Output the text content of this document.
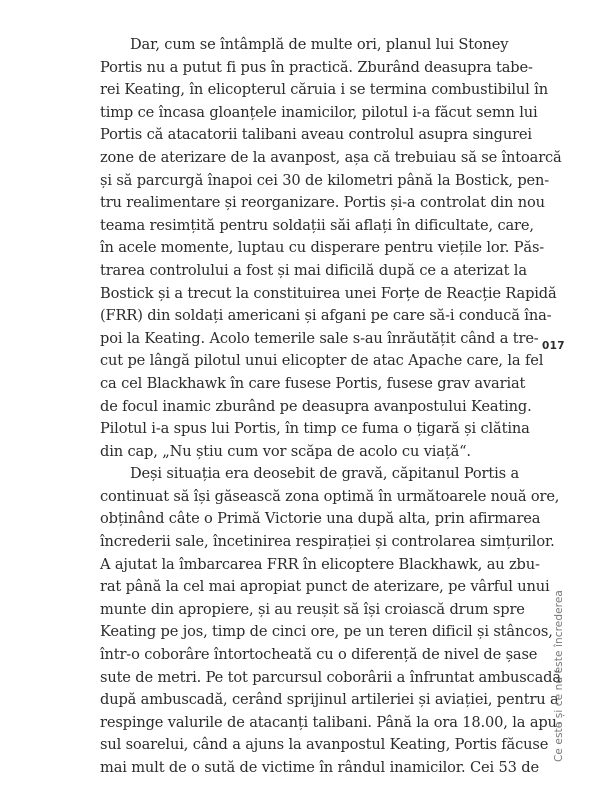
Dar, cum se întâmplă de multe ori, planul lui Stoney
Portis nu a putut fi pus în practică. Zburând deasupra tabe-
rei Keating, în elicopterul căruia i se termina combustibilul în
timp ce încasa gloanțele inamicilor, pilotul i-a făcut semn lui
Portis că atacatorii talibani aveau controlul asupra singurei
zone de aterizare de la avanpost, așa că trebuiau să se întoarcă
și să parcurgă înapoi cei 30 de kilometri până la Bostick, pen-
tru realimentare și reorganizare. Portis și-a controlat din nou
teama resimțită pentru soldații săi aflați în dificultate, care,
în acele momente, luptau cu disperare pentru viețile lor. Păs-
trarea controlului a fost și mai dificilă după ce a aterizat la
Bostick și a trecut la constituirea unei Forțe de Reacție Rapidă
(FRR) din soldați americani și afgani pe care să-i conducă îna-
poi la Keating. Acolo temerile sale s-au înrăutățit când a tre-
cut pe lângă pilotul unui elicopter de atac Apache care, la fel
ca cel Blackhawk în care fusese Portis, fusese grav avariat
de focul inamic zburând pe deasupra avanpostului Keating.
Pilotul i-a spus lui Portis, în timp ce fuma o țigară și clătina
din cap, „Nu știu cum vor scăpa de acolo cu viață“.
Deși situația era deosebit de gravă, căpitanul Portis a
continuat să își găsească zona optimă în următoarele nouă ore,
obținând câte o Primă Victorie una după alta, prin afirmarea
încrederii sale, încetinirea respirației și controlarea simțurilor.
A ajutat la îmbarcarea FRR în elicoptere Blackhawk, au zbu-
rat până la cel mai apropiat punct de aterizare, pe vârful unui
munte din apropiere, și au reușit să își croiască drum spre
Keating pe jos, timp de cinci ore, pe un teren dificil și stâncos,
într-o coborâre întortocheată cu o diferență de nivel de șase
sute de metri. Pe tot parcursul coborârii a înfruntat ambuscadă
după ambuscadă, cerând sprijinul artileriei și aviației, pentru a
respinge valurile de atacanți talibani. Până la ora 18.00, la apu-
sul soarelui, când a ajuns la avanpostul Keating, Portis făcuse
mai mult de o sută de victime în rândul inamicilor. Cei 53 de
017
Ce este și ce nu este încrederea
